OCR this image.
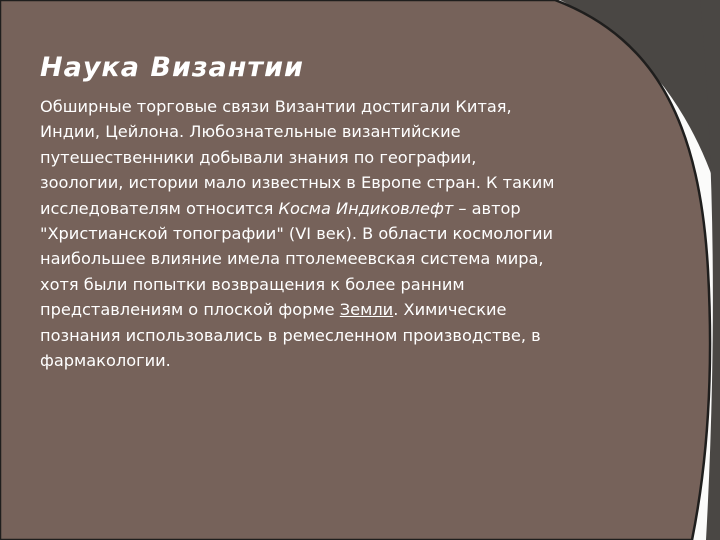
Наука Византии

Обширные торговые связи Византии достигали Китая, Индии, Цейлона. Любознательные византийские путешественники добывали знания по географии, зоологии, истории мало известных в Европе стран. К таким исследователям относится Косма Индиковлефт – автор "Христианской топографии" (VI век). В области космологии наибольшее влияние имела птолемеевская система мира, хотя были попытки возвращения к более ранним представлениям о плоской форме Земли. Химические познания использовались в ремесленном производстве, в фармакологии.
